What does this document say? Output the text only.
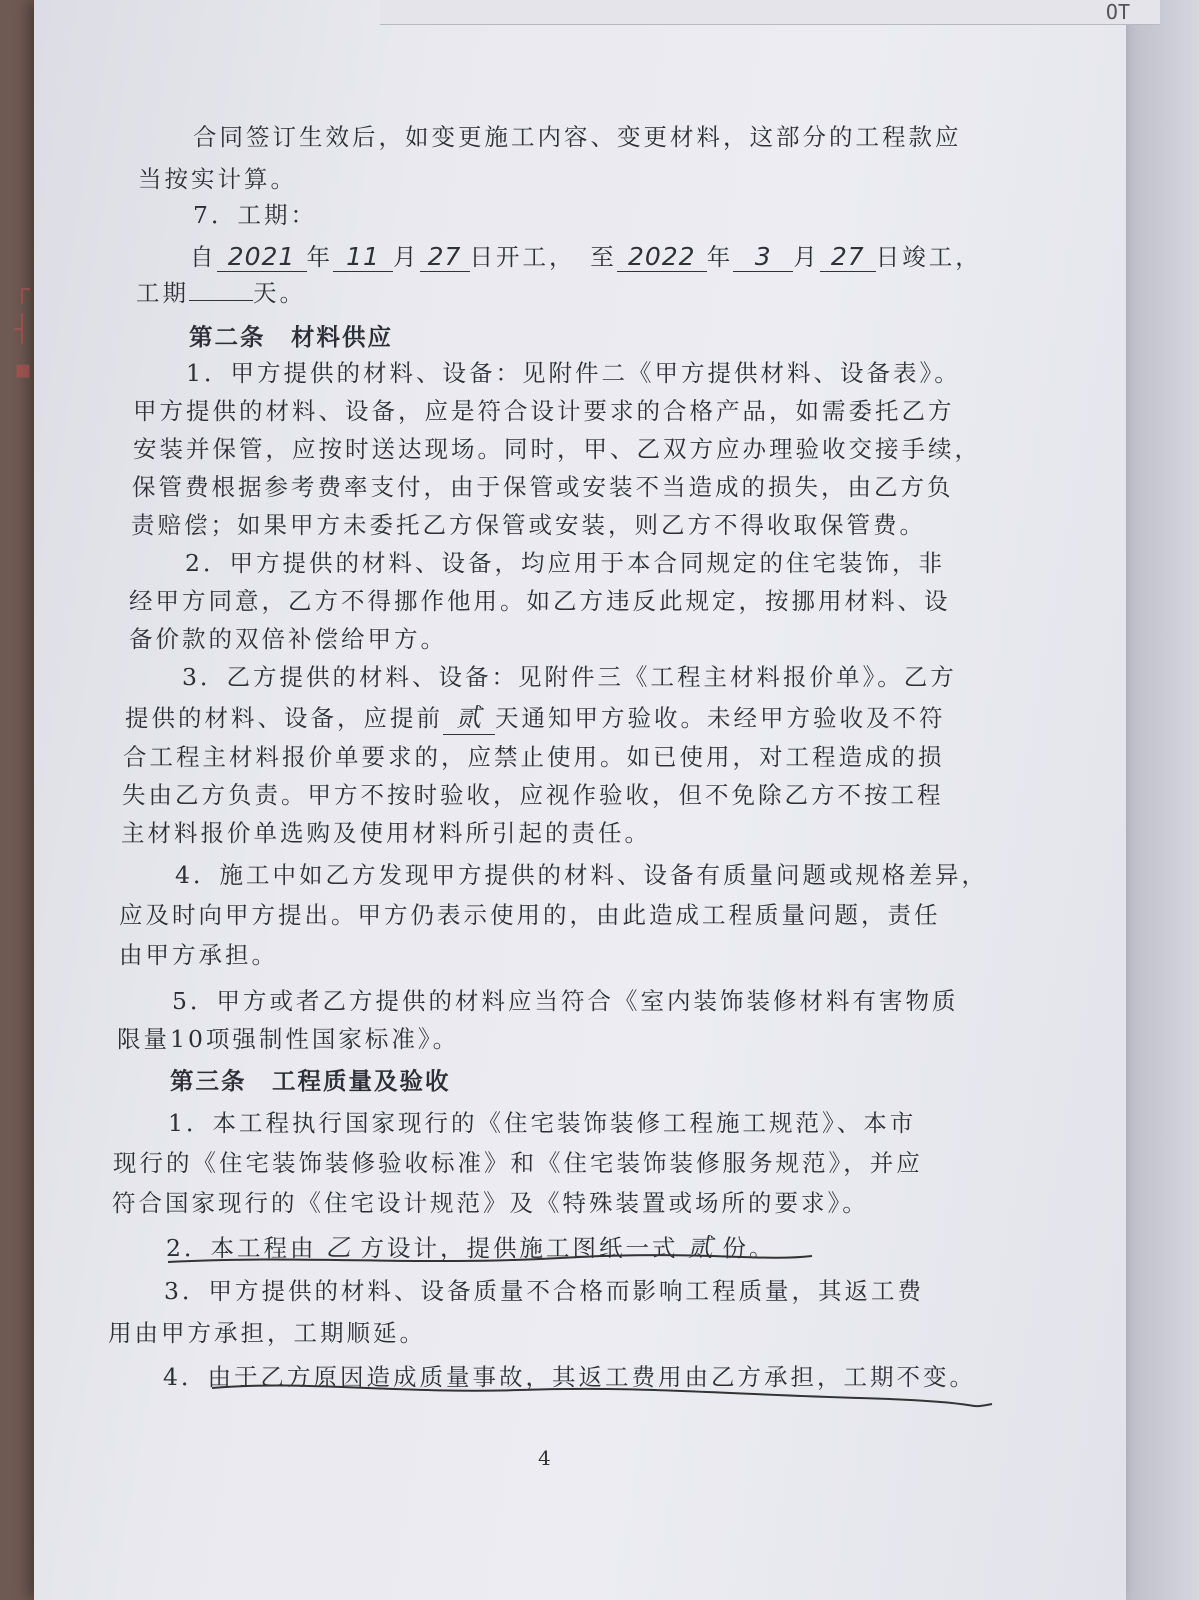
OT
┌
┤
▪
合同签订生效后，如变更施工内容、变更材料，这部分的工程款应
当按实计算。
7．工期：
自 2021 年 11 月 27 日开工，　至 2022 年 3 月 27 日竣工，
工期	天。
第二条　材料供应
1．甲方提供的材料、设备：见附件二《甲方提供材料、设备表》。
甲方提供的材料、设备，应是符合设计要求的合格产品，如需委托乙方
安装并保管，应按时送达现场。同时，甲、乙双方应办理验收交接手续，
保管费根据参考费率支付，由于保管或安装不当造成的损失，由乙方负
责赔偿；如果甲方未委托乙方保管或安装，则乙方不得收取保管费。
2．甲方提供的材料、设备，均应用于本合同规定的住宅装饰，非
经甲方同意，乙方不得挪作他用。如乙方违反此规定，按挪用材料、设
备价款的双倍补偿给甲方。
3．乙方提供的材料、设备：见附件三《工程主材料报价单》。乙方
提供的材料、设备，应提前 贰 天通知甲方验收。未经甲方验收及不符
合工程主材料报价单要求的，应禁止使用。如已使用，对工程造成的损
失由乙方负责。甲方不按时验收，应视作验收，但不免除乙方不按工程
主材料报价单选购及使用材料所引起的责任。
4．施工中如乙方发现甲方提供的材料、设备有质量问题或规格差异，
应及时向甲方提出。甲方仍表示使用的，由此造成工程质量问题，责任
由甲方承担。
5．甲方或者乙方提供的材料应当符合《室内装饰装修材料有害物质
限量10项强制性国家标准》。
第三条　工程质量及验收
1．本工程执行国家现行的《住宅装饰装修工程施工规范》、本市
现行的《住宅装饰装修验收标准》和《住宅装饰装修服务规范》，并应
符合国家现行的《住宅设计规范》及《特殊装置或场所的要求》。
2．本工程由 乙 方设计，提供施工图纸一式 贰 份。
3．甲方提供的材料、设备质量不合格而影响工程质量，其返工费
用由甲方承担，工期顺延。
4．由于乙方原因造成质量事故，其返工费用由乙方承担，工期不变。
4
